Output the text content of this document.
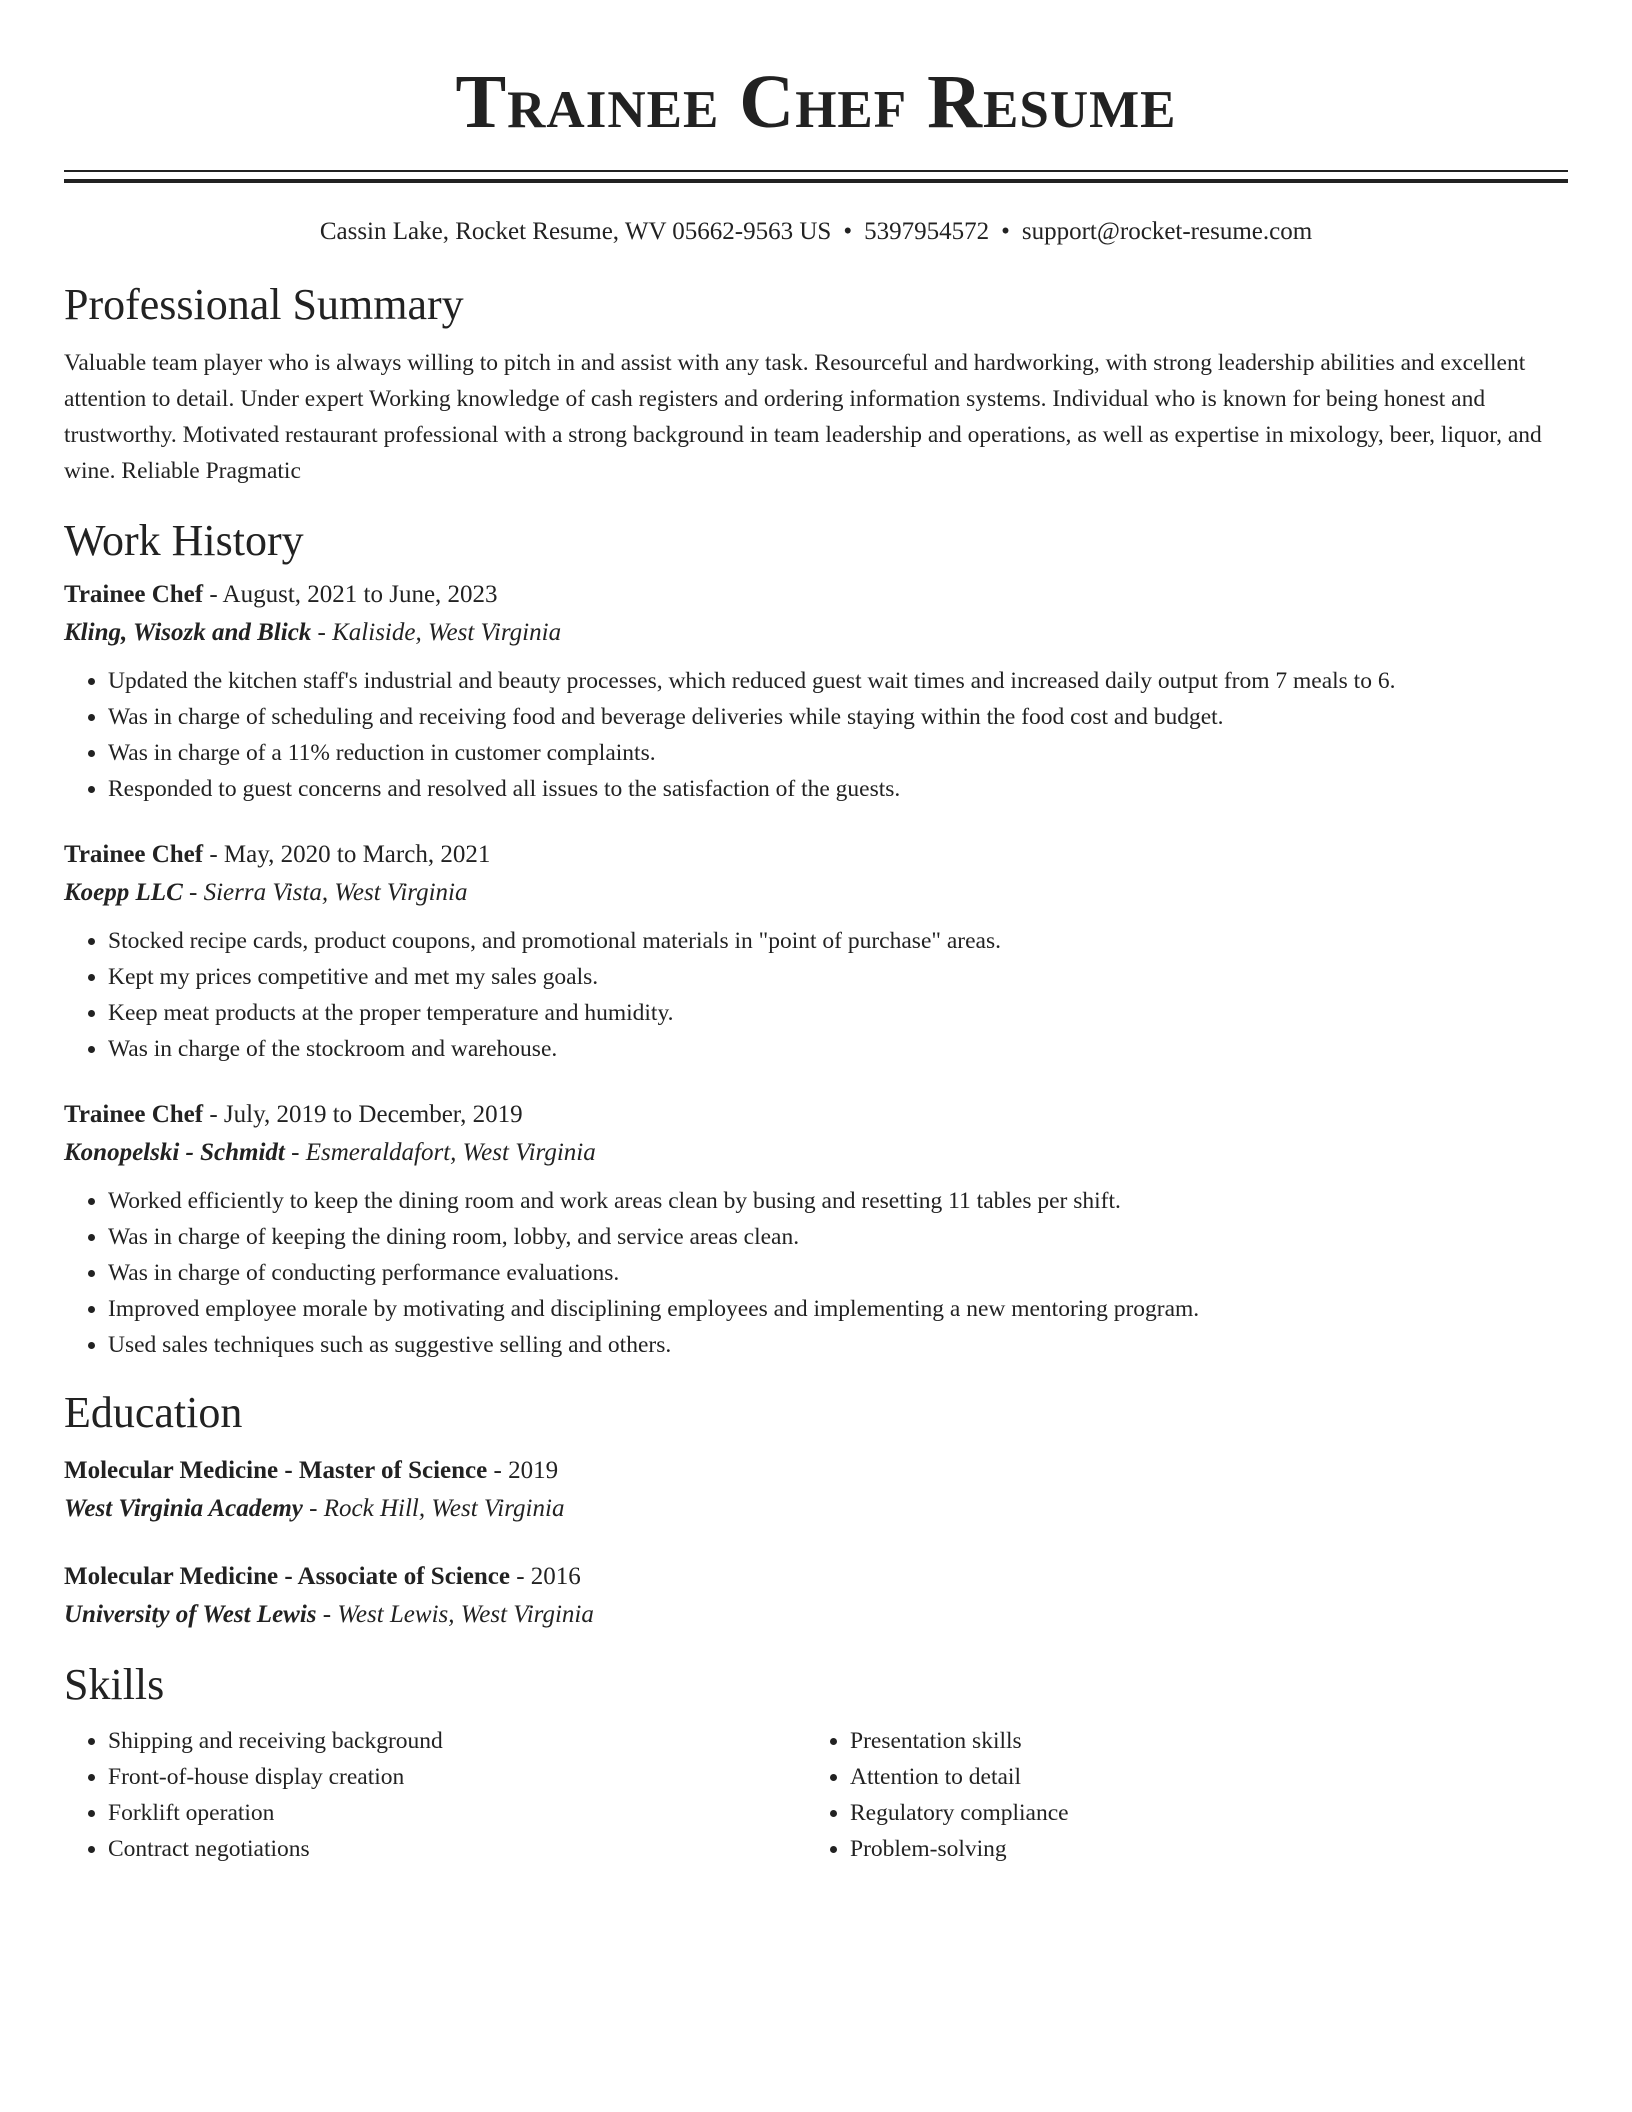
Trainee Chef Resume
Cassin Lake, Rocket Resume, WV 05662-9563 US • 5397954572 • support@rocket-resume.com
Professional Summary

Valuable team player who is always willing to pitch in and assist with any task. Resourceful and hardworking, with strong leadership abilities and excellent attention to detail. Under expert Working knowledge of cash registers and ordering information systems. Individual who is known for being honest and trustworthy. Motivated restaurant professional with a strong background in team leadership and operations, as well as expertise in mixology, beer, liquor, and wine. Reliable Pragmatic

Work History
Trainee Chef - August, 2021 to June, 2023
Kling, Wisozk and Blick - Kaliside, West Virginia
• Updated the kitchen staff's industrial and beauty processes, which reduced guest wait times and increased daily output from 7 meals to 6.
• Was in charge of scheduling and receiving food and beverage deliveries while staying within the food cost and budget.
• Was in charge of a 11% reduction in customer complaints.
• Responded to guest concerns and resolved all issues to the satisfaction of the guests.
Trainee Chef - May, 2020 to March, 2021
Koepp LLC - Sierra Vista, West Virginia
• Stocked recipe cards, product coupons, and promotional materials in "point of purchase" areas.
• Kept my prices competitive and met my sales goals.
• Keep meat products at the proper temperature and humidity.
• Was in charge of the stockroom and warehouse.
Trainee Chef - July, 2019 to December, 2019
Konopelski - Schmidt - Esmeraldafort, West Virginia
• Worked efficiently to keep the dining room and work areas clean by busing and resetting 11 tables per shift.
• Was in charge of keeping the dining room, lobby, and service areas clean.
• Was in charge of conducting performance evaluations.
• Improved employee morale by motivating and disciplining employees and implementing a new mentoring program.
• Used sales techniques such as suggestive selling and others.
Education
Molecular Medicine - Master of Science - 2019
West Virginia Academy - Rock Hill, West Virginia
Molecular Medicine - Associate of Science - 2016
University of West Lewis - West Lewis, West Virginia
Skills
• Shipping and receiving background
• Front-of-house display creation
• Forklift operation
• Contract negotiations
• Presentation skills
• Attention to detail
• Regulatory compliance
• Problem-solving
